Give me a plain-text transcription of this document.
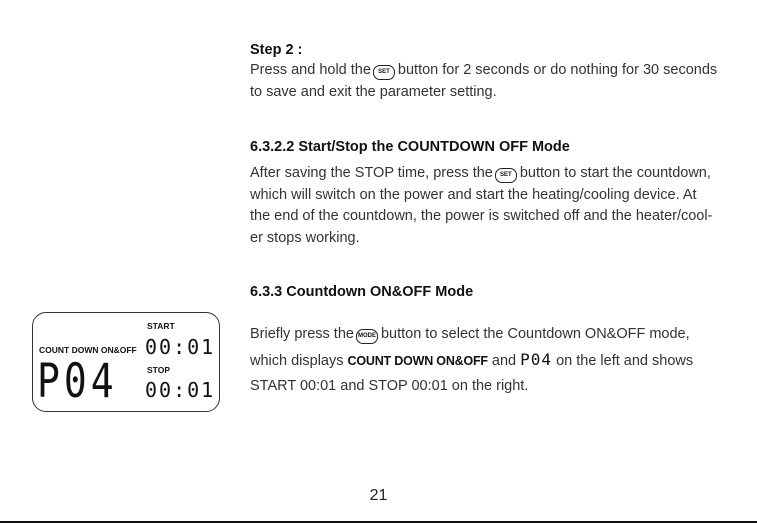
Step 2 :
Press and hold the SET button for 2 seconds or do nothing for 30 seconds
to save and exit the parameter setting.
6.3.2.2 Start/Stop the COUNTDOWN OFF Mode
After saving the STOP time, press the SET button to start the countdown,
which will switch on the power and start the heating/cooling device. At
the end of the countdown, the power is switched off and the heater/cool-
er stops working.
6.3.3 Countdown ON&OFF Mode
Briefly press the MODE button to select the Countdown ON&OFF mode,
which displays COUNT DOWN ON&OFF and P04 on the left and shows
START 00:01 and STOP 00:01 on the right.
COUNT DOWN ON&OFF
P04
START
00:01
STOP
00:01
21
